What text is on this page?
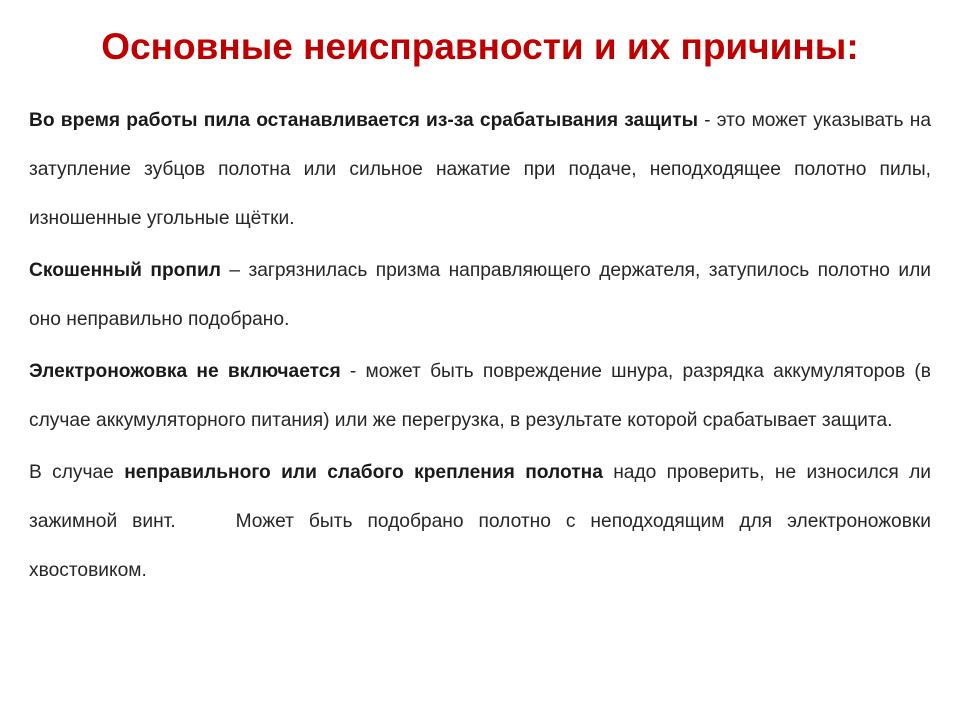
Основные неисправности и их причины:

Во время работы пила останавливается из-за срабатывания защиты - это может указывать на затупление зубцов полотна или сильное нажатие при подаче, неподходящее полотно пилы, изношенные угольные щётки.

Скошенный пропил – загрязнилась призма направляющего держателя, затупилось полотно или оно неправильно подобрано.

Электроножовка не включается - может быть повреждение шнура, разрядка аккумуляторов (в случае аккумуляторного питания) или же перегрузка, в результате которой срабатывает защита.

В случае неправильного или слабого крепления полотна надо проверить, не износился ли зажимной винт.	Может быть подобрано полотно с неподходящим для электроножовки хвостовиком.
